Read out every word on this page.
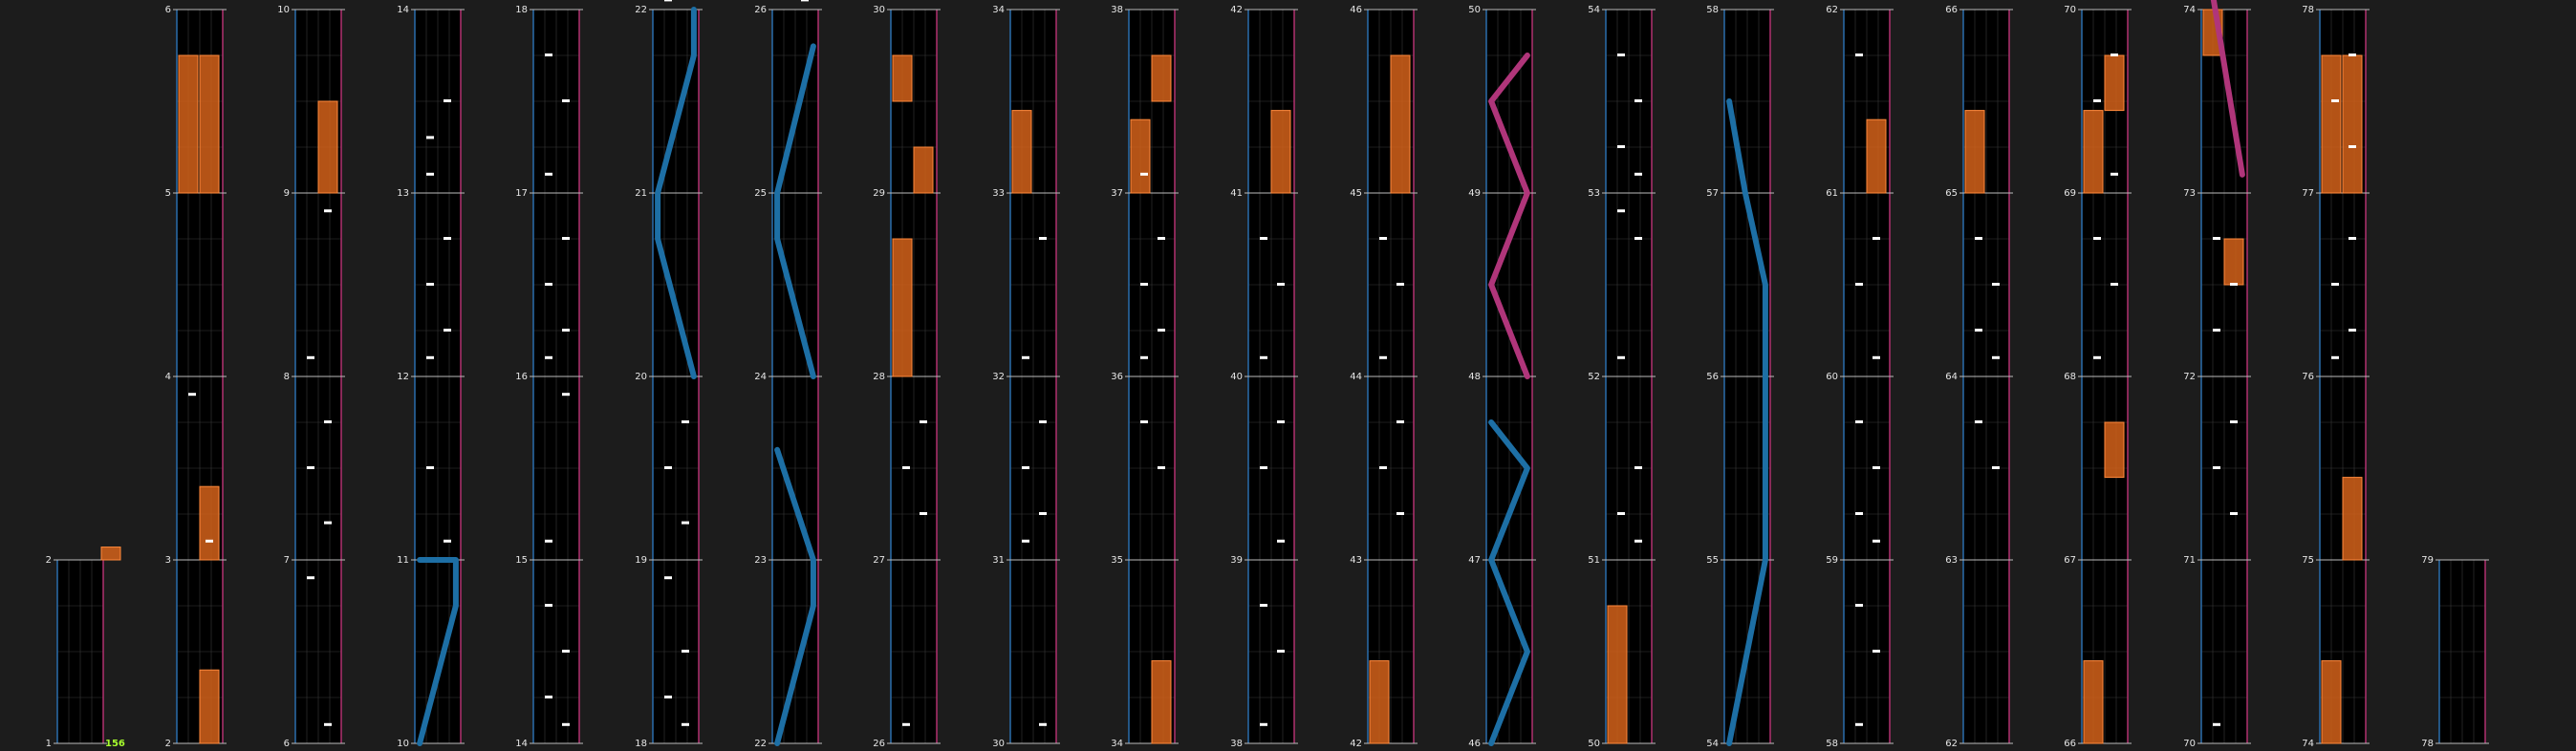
1
2
156	2
3
4
5
6
6
7
8
9
10
10
11
12
13
14
14
15
16
17
18
18
19
20
21
22
22
23
24
25
26
26
27
28
29
30
30
31
32
33
34
34
35
36
37
38
38
39
40
41
42
42
43
44
45
46
46
47
48
49
50
50
51
52
53
54
54
55
56
57
58
58
59
60
61
62
62
63
64
65
66
66
67
68
69
70
70
71
72
73
74
74
75
76
77
78
78
79
